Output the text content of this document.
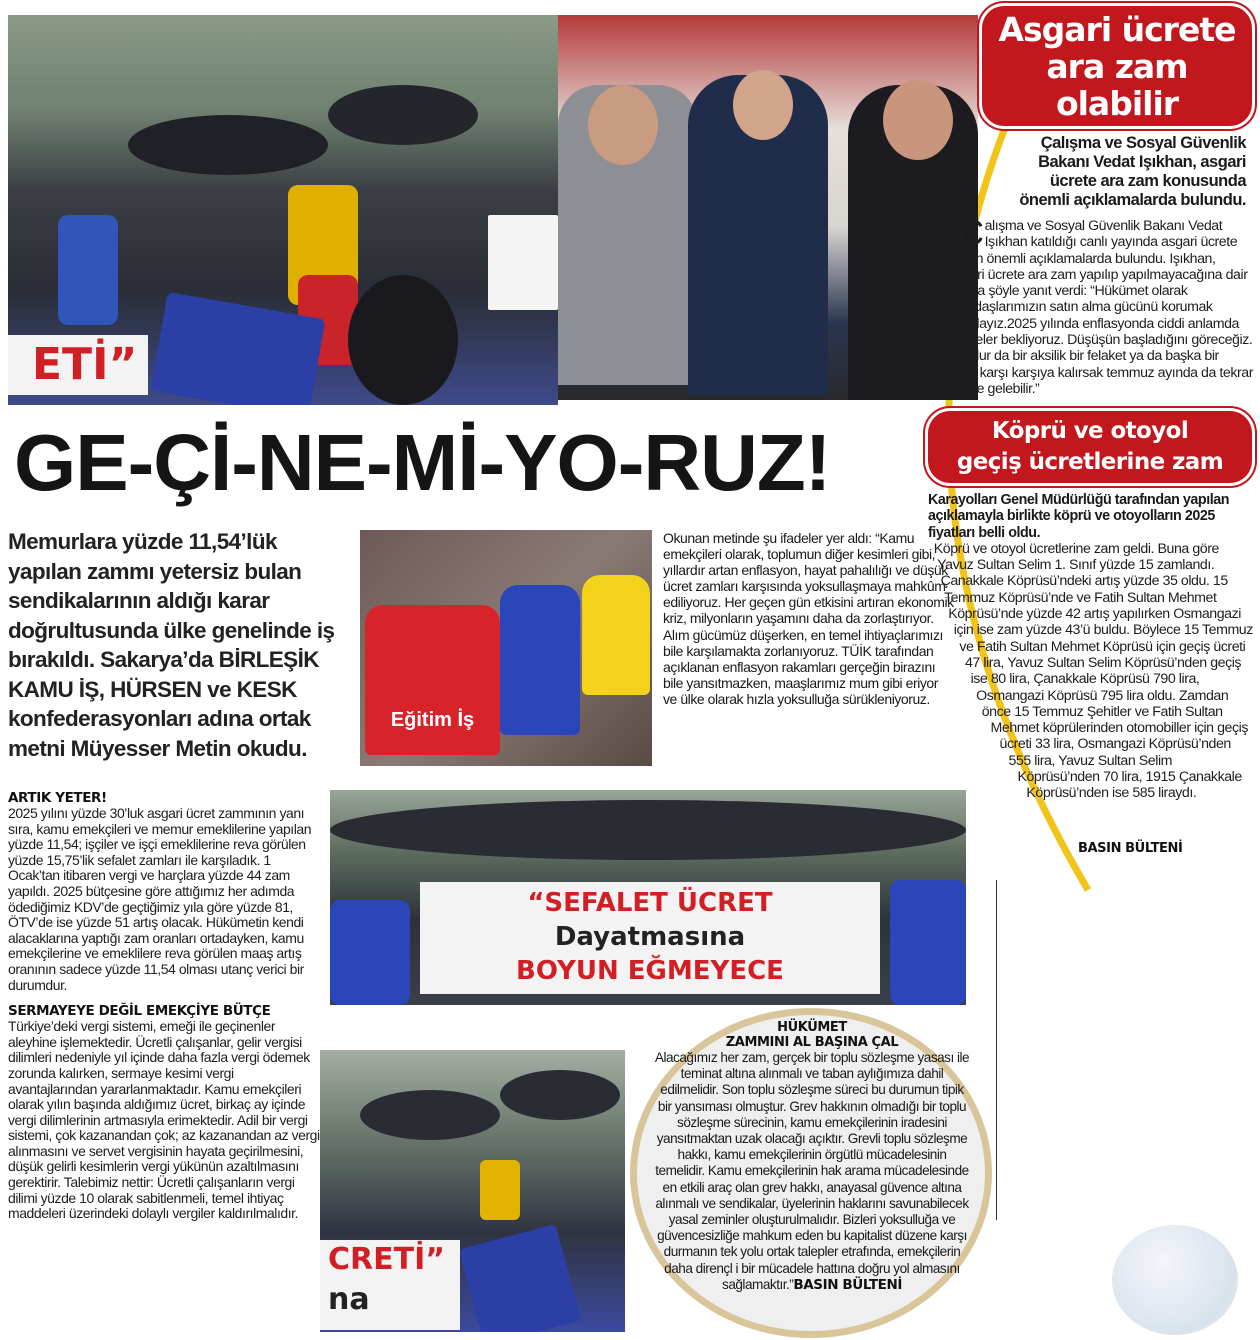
ETİ”
Eğitim İş
“SEFALET ÜCRET
Dayatmasına
BOYUN EĞMEYECE
CRETİ”
na
GE-Çİ-NE-Mİ-YO-RUZ!
Memurlara yüzde 11,54’lük yapılan zammı yetersiz bulan sendikalarının aldığı karar doğrultusunda ülke genelinde iş bırakıldı. Sakarya’da BİRLEŞİK KAMU İŞ, HÜRSEN ve KESK konfederasyonları adına ortak metni Müyesser Metin okudu.
Okunan metinde şu ifadeler yer aldı: “Kamu emekçileri olarak, toplumun diğer kesimleri gibi, yıllardır artan enflasyon, hayat pahalılığı ve düşük ücret zamları karşısında yoksullaşmaya mahkûm ediliyoruz. Her geçen gün etkisini artıran ekonomik kriz, milyonların yaşamını daha da zorlaştırıyor. Alım gücümüz düşerken, en temel ihtiyaçlarımızı bile karşılamakta zorlanıyoruz. TÜİK tarafından açıklanan enflasyon rakamları gerçeğin birazını bile yansıtmazken, maaşlarımız mum gibi eriyor ve ülke olarak hızla yoksulluğa sürükleniyoruz.
ARTIK YETER!
2025 yılını yüzde 30’luk asgari ücret zammının yanı sıra, kamu emekçileri ve memur emeklilerine yapılan yüzde 11,54; işçiler ve işçi emeklilerine reva görülen yüzde 15,75’lik sefalet zamları ile karşıladık. 1 Ocak’tan itibaren vergi ve harçlara yüzde 44 zam yapıldı. 2025 bütçesine göre attığımız her adımda ödediğimiz KDV’de geçtiğimiz yıla göre yüzde 81, ÖTV’de ise yüzde 51 artış olacak. Hükümetin kendi alacaklarına yaptığı zam oranları ortadayken, kamu emekçilerine ve emeklilere reva görülen maaş artış oranının sadece yüzde 11,54 olması utanç verici bir durumdur.
SERMAYEYE DEĞİL EMEKÇİYE BÜTÇE
Türkiye’deki vergi sistemi, emeği ile geçinenler aleyhine işlemektedir. Ücretli çalışanlar, gelir vergisi dilimleri nedeniyle yıl içinde daha fazla vergi ödemek zorunda kalırken, sermaye kesimi vergi avantajlarından yararlanmaktadır. Kamu emekçileri olarak yılın başında aldığımız ücret, birkaç ay içinde vergi dilimlerinin artmasıyla erimektedir. Adil bir vergi sistemi, çok kazanandan çok; az kazanandan az vergi alınmasını ve servet vergisinin hayata geçirilmesini, düşük gelirli kesimlerin vergi yükünün azaltılmasını gerektirir. Talebimiz nettir: Ücretli çalışanların vergi dilimi yüzde 10 olarak sabitlenmeli, temel ihtiyaç maddeleri üzerindeki dolaylı vergiler kaldırılmalıdır.
HÜKÜMET
ZAMMINI AL BAŞINA ÇAL
Alacağımız her zam, gerçek bir toplu sözleşme yasası ile teminat altına alınmalı ve taban aylığımıza dahil edilmelidir. Son toplu sözleşme süreci bu durumun tipik bir yansıması olmuştur. Grev hakkının olmadığı bir toplu sözleşme sürecinin, kamu emekçilerinin iradesini yansıtmaktan uzak olacağı açıktır. Grevli toplu sözleşme hakkı, kamu emekçilerinin örgütlü mücadelesinin temelidir. Kamu emekçilerinin hak arama mücadelesinde en etkili araç olan grev hakkı, anayasal güvence altına alınmalı ve sendikalar, üyelerinin haklarını savunabilecek yasal zeminler oluşturulmalıdır. Bizleri yoksulluğa ve güvencesizliğe mahkum eden bu kapitalist düzene karşı durmanın tek yolu ortak talepler etrafında, emekçilerin daha dirençl i bir mücadele hattına doğru yol almasını sağlamaktır.”BASIN BÜLTENİ
Asgari ücrete ara zam olabilir
Çalışma ve Sosyal Güvenlik Bakanı Vedat Işıkhan, asgari ücrete ara zam konusunda önemli açıklamalarda bulundu.
Çalışma ve Sosyal Güvenlik Bakanı Vedat Işıkhan katıldığı canlı yayında asgari ücrete ilişkin önemli açıklamalarda bulundu. Işıkhan, asgari ücrete ara zam yapılıp yapılmayacağına dair soruya şöyle yanıt verdi: “Hükümet olarak vatandaşlarımızın satın alma gücünü korumak zorundayız.2025 yılında enflasyonda ciddi anlamda iyileşmeler bekliyoruz. Düşüşün başladığını göreceğiz. Ancak olur da bir aksilik bir felaket ya da başka bir durumla karşı karşıya kalırsak temmuz ayında da tekrar gündeme gelebilir.”
Köprü ve otoyol
geçiş ücretlerine zam
Karayolları Genel Müdürlüğü tarafından yapılan açıklamayla birlikte köprü ve otoyolların 2025 fiyatları belli oldu.
Köprü ve otoyol ücretlerine zam geldi. Buna göre Yavuz Sultan Selim 1. Sınıf yüzde 15 zamlandı. Çanakkale Köprüsü’ndeki artış yüzde 35 oldu. 15 Temmuz Köprüsü’nde ve Fatih Sultan Mehmet Köprüsü’nde yüzde 42 artış yapılırken Osmangazi için ise zam yüzde 43’ü buldu. Böylece 15 Temmuz ve Fatih Sultan Mehmet Köprüsü için geçiş ücreti 47 lira, Yavuz Sultan Selim Köprüsü’nden geçiş ise 80 lira, Çanakkale Köprüsü 790 lira, Osmangazi Köprüsü 795 lira oldu. Zamdan önce 15 Temmuz Şehitler ve Fatih Sultan Mehmet köprülerinden otomobiller için geçiş ücreti 33 lira, Osmangazi Köprüsü’nden 555 lira, Yavuz Sultan Selim Köprüsü’nden 70 lira, 1915 Çanakkale Köprüsü’nden ise 585 liraydı.
BASIN BÜLTENİ
